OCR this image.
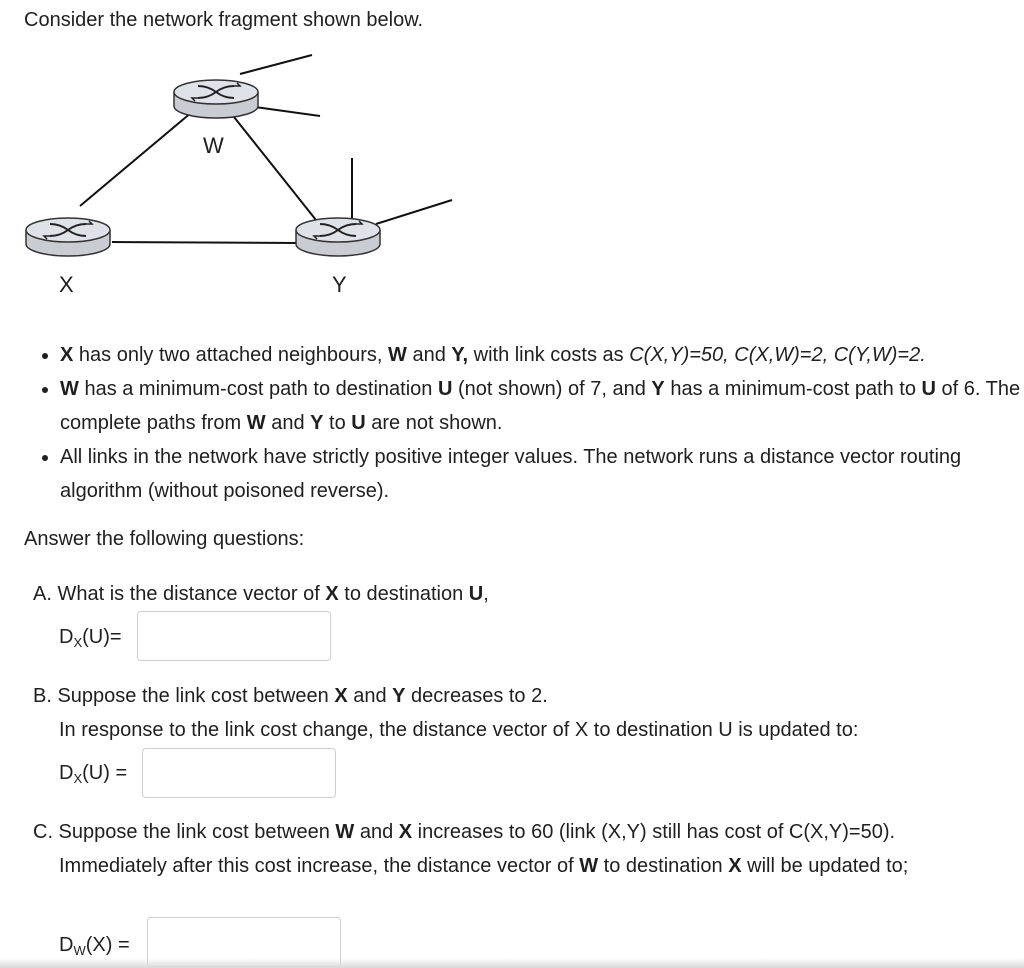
Consider the network fragment shown below.
W
X	Y
• X has only two attached neighbours, W and Y, with link costs as C(X,Y)=50, C(X,W)=2, C(Y,W)=2.
• W has a minimum-cost path to destination U (not shown) of 7, and Y has a minimum-cost path to U of 6. The complete paths from W and Y to U are not shown.
• All links in the network have strictly positive integer values. The network runs a distance vector routing algorithm (without poisoned reverse).
Answer the following questions:
A. What is the distance vector of X to destination U,
$D_X(U)=$
B. Suppose the link cost between X and Y decreases to 2.
In response to the link cost change, the distance vector of X to destination U is updated to:
$D_X(U)$ =
C. Suppose the link cost between W and X increases to 60 (link (X,Y) still has cost of C(X,Y)=50).
Immediately after this cost increase, the distance vector of W to destination X will be updated to;
$D_W(X)$ =
